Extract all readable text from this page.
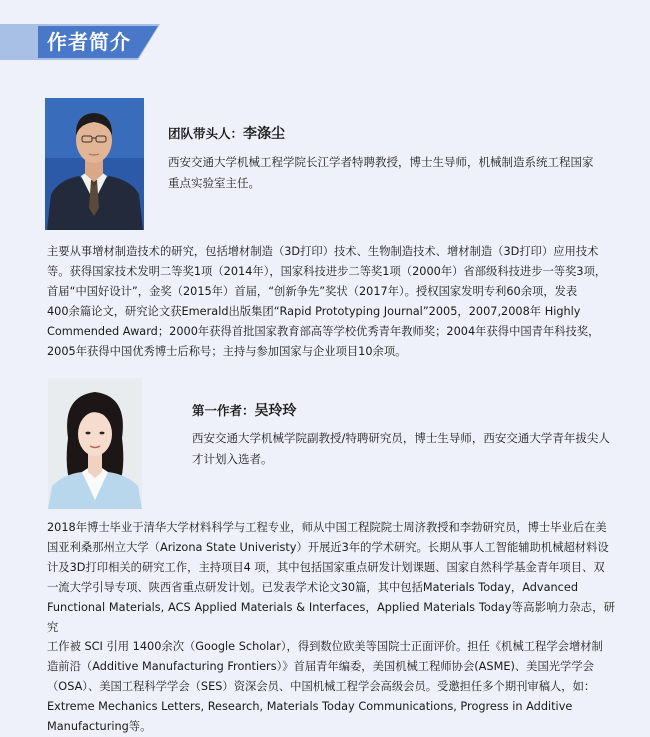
作者简介
团队带头人：李涤尘
西安交通大学机械工程学院长江学者特聘教授，博士生导师，机械制造系统工程国家重点实验室主任。

主要从事增材制造技术的研究，包括增材制造（3D打印）技术、生物制造技术、增材制造（3D打印）应用技术

等。获得国家技术发明二等奖1项（2014年），国家科技进步二等奖1项（2000年）省部级科技进步一等奖3项，

首届“中国好设计”，金奖（2015年）首届，“创新争先”奖状（2017年）。授权国家发明专利60余项，发表

400余篇论文，研究论文获Emerald出版集团“Rapid Prototyping Journal”2005，2007,2008年 Highly

Commended Award；2000年获得首批国家教育部高等学校优秀青年教师奖；2004年获得中国青年科技奖，

2005年获得中国优秀博士后称号；主持与参加国家与企业项目10余项。

第一作者：吴玲玲
西安交通大学机械学院副教授/特聘研究员，博士生导师，西安交通大学青年拔尖人才计划入选者。

2018年博士毕业于清华大学材料科学与工程专业，师从中国工程院院士周济教授和李勃研究员，博士毕业后在美

国亚利桑那州立大学（Arizona State Univeristy）开展近3年的学术研究。长期从事人工智能辅助机械超材料设

计及3D打印相关的研究工作，主持项目4 项，其中包括国家重点研发计划课题、国家自然科学基金青年项目、双

一流大学引导专项、陕西省重点研发计划。已发表学术论文30篇，其中包括Materials Today，Advanced

Functional Materials, ACS Applied Materials & Interfaces，Applied Materials Today等高影响力杂志，研究

工作被 SCI 引用 1400余次（Google Scholar），得到数位欧美等国院士正面评价。担任《机械工程学会增材制

造前沿（Additive Manufacturing Frontiers）》首届青年编委，美国机械工程师协会(ASME)、美国光学学会

（OSA）、美国工程科学学会（SES）资深会员、中国机械工程学会高级会员。受邀担任多个期刊审稿人，如：

Extreme Mechanics Letters, Research, Materials Today Communications, Progress in Additive

Manufacturing等。
